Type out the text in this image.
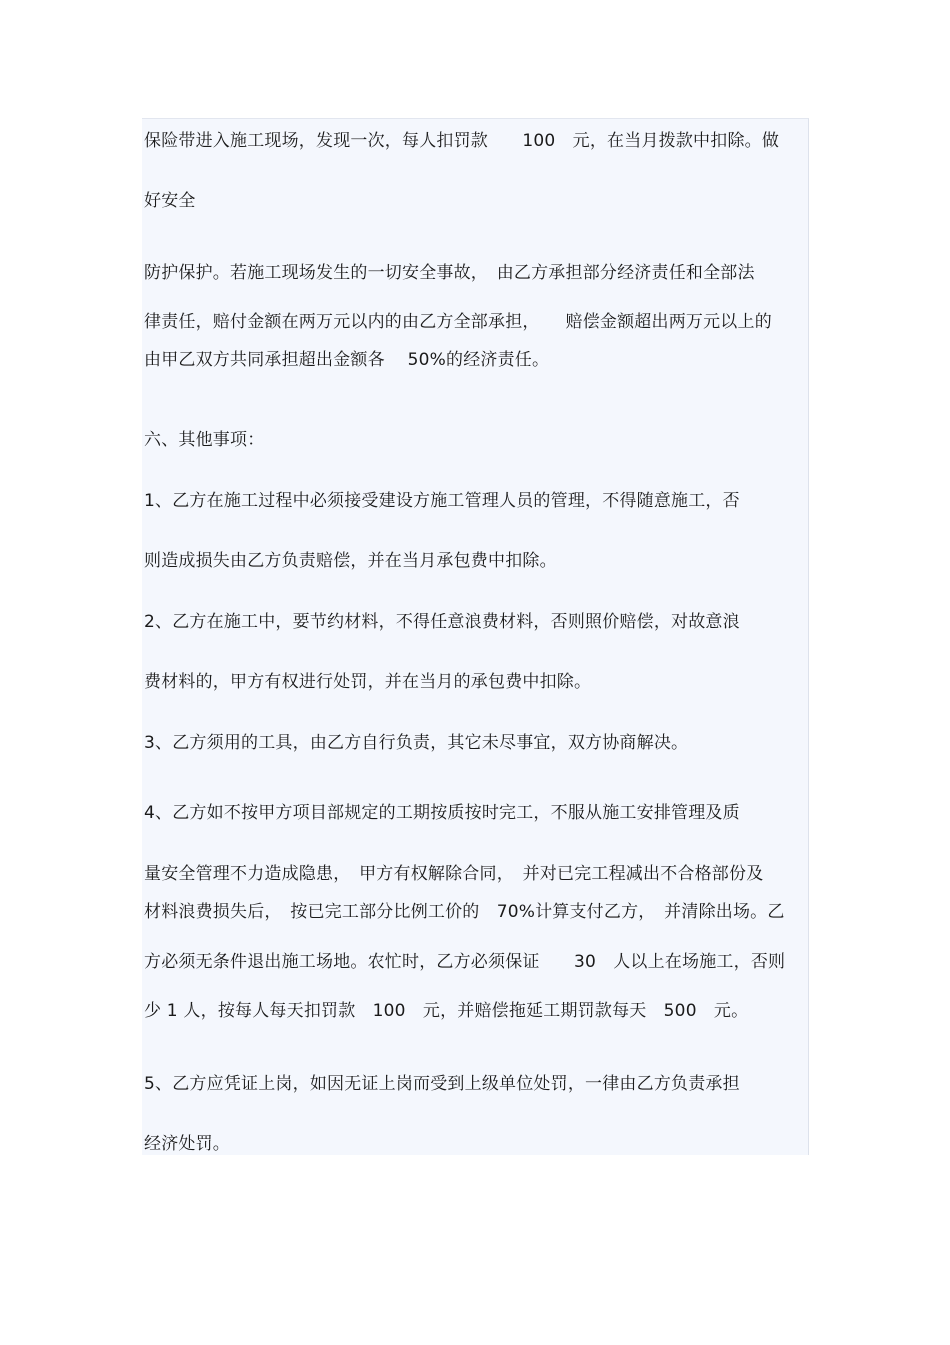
保险带进入施工现场，发现一次，每人扣罚款　　100　元，在当月拨款中扣除。做
好安全
防护保护。若施工现场发生的一切安全事故，　由乙方承担部分经济责任和全部法
律责任，赔付金额在两万元以内的由乙方全部承担，　　赔偿金额超出两万元以上的
由甲乙双方共同承担超出金额各　 50%的经济责任。
六、其他事项：
1、乙方在施工过程中必须接受建设方施工管理人员的管理，不得随意施工，否
则造成损失由乙方负责赔偿，并在当月承包费中扣除。
2、乙方在施工中，要节约材料，不得任意浪费材料，否则照价赔偿，对故意浪
费材料的，甲方有权进行处罚，并在当月的承包费中扣除。
3、乙方须用的工具，由乙方自行负责，其它未尽事宜，双方协商解决。
4、乙方如不按甲方项目部规定的工期按质按时完工，不服从施工安排管理及质
量安全管理不力造成隐患，　甲方有权解除合同，　并对已完工程减出不合格部份及
材料浪费损失后，　按已完工部分比例工价的　70%计算支付乙方，　并清除出场。乙
方必须无条件退出施工场地。农忙时，乙方必须保证　　30　人以上在场施工，否则
少 1 人，按每人每天扣罚款　100　元，并赔偿拖延工期罚款每天　500　元。
5、乙方应凭证上岗，如因无证上岗而受到上级单位处罚，一律由乙方负责承担
经济处罚。
